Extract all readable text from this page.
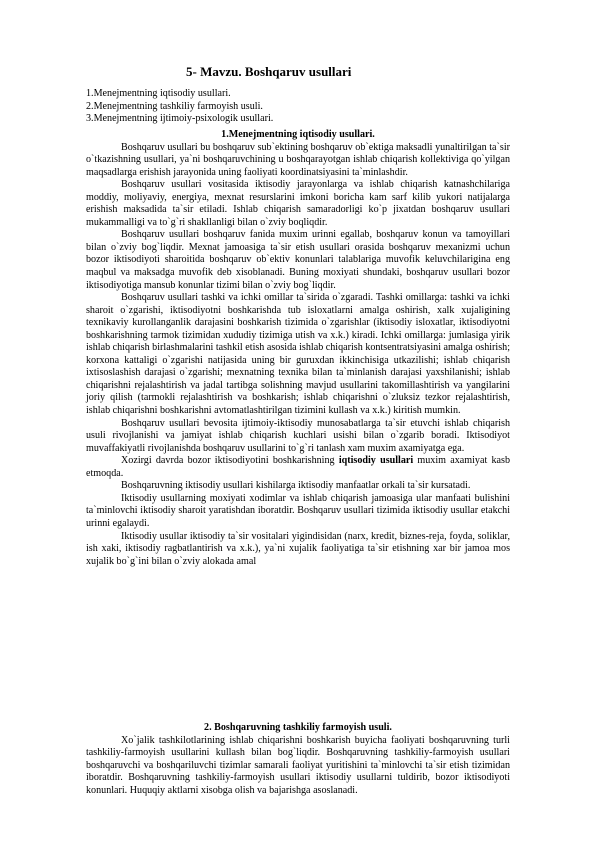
5- Mavzu. Boshqaruv usullari
1.Menejmentning iqtisodiy usullari.
2.Menejmentning tashkiliy farmoyish usuli.
3.Menejmentning ijtimoiy-psixologik usullari.
1.Menejmentning iqtisodiy usullari.

Boshqaruv usullari bu boshqaruv sub`ektining boshqaruv ob`ektiga maksadli yunaltirilgan ta`sir o`tkazishning usullari, ya`ni boshqaruvchining u boshqarayotgan ishlab chiqarish kollektiviga qo`yilgan maqsadlarga erishish jarayonida uning faoliyati koordinatsiyasini ta`minlashdir.

Boshqaruv usullari vositasida iktisodiy jarayonlarga va ishlab chiqarish katnashchilariga moddiy, moliyaviy, energiya, mexnat resurslarini imkoni boricha kam sarf kilib yukori natijalarga erishish maksadida ta`sir etiladi. Ishlab chiqarish samaradorligi ko`p jixatdan boshqaruv usullari mukammalligi va to`g`ri shakllanligi bilan o`zviy boqliqdir.

Boshqaruv usullari boshqaruv fanida muxim urinni egallab, boshqaruv konun va tamoyillari bilan o`zviy bog`liqdir. Mexnat jamoasiga ta`sir etish usullari orasida boshqaruv mexanizmi uchun bozor iktisodiyoti sharoitida boshqaruv ob`ektiv konunlari talablariga muvofik keluvchilarigina eng maqbul va maksadga muvofik deb xisoblanadi. Buning moxiyati shundaki, boshqaruv usullari bozor iktisodiyotiga mansub konunlar tizimi bilan o`zviy bog`liqdir.

Boshqaruv usullari tashki va ichki omillar ta`sirida o`zgaradi. Tashki omillarga: tashki va ichki sharoit o`zgarishi, iktisodiyotni boshkarishda tub isloxatlarni amalga oshirish, xalk xujaligining texnikaviy kurollanganlik darajasini boshkarish tizimida o`zgarishlar (iktisodiy isloxatlar, iktisodiyotni boshkarishning tarmok tizimidan xududiy tizimiga utish va x.k.) kiradi. Ichki omillarga: jumlasiga yirik ishlab chiqarish birlashmalarini tashkil etish asosida ishlab chiqarish kontsentratsiyasini amalga oshirish; korxona kattaligi o`zgarishi natijasida uning bir guruxdan ikkinchisiga utkazilishi; ishlab chiqarish ixtisoslashish darajasi o`zgarishi; mexnatning texnika bilan ta`minlanish darajasi yaxshilanishi; ishlab chiqarishni rejalashtirish va jadal tartibga solishning mavjud usullarini takomillashtirish va yangilarini joriy qilish (tarmokli rejalashtirish va boshkarish; ishlab chiqarishni o`zluksiz tezkor rejalashtirish, ishlab chiqarishni boshkarishni avtomatlashtirilgan tizimini kullash va x.k.) kiritish mumkin.

Boshqaruv usullari bevosita ijtimoiy-iktisodiy munosabatlarga ta`sir etuvchi ishlab chiqarish usuli rivojlanishi va jamiyat ishlab chiqarish kuchlari usishi bilan o`zgarib boradi. Iktisodiyot muvaffakiyatli rivojlanishda boshqaruv usullarini to`g`ri tanlash xam muxim axamiyatga ega.

Xozirgi davrda bozor iktisodiyotini boshkarishning iqtisodiy usullari muxim axamiyat kasb etmoqda.

Boshqaruvning iktisodiy usullari kishilarga iktisodiy manfaatlar orkali ta`sir kursatadi.

Iktisodiy usullarning moxiyati xodimlar va ishlab chiqarish jamoasiga ular manfaati bulishini ta`minlovchi iktisodiy sharoit yaratishdan iboratdir. Boshqaruv usullari tizimida iktisodiy usullar etakchi urinni egalaydi.

Iktisodiy usullar iktisodiy ta`sir vositalari yigindisidan (narx, kredit, biznes-reja, foyda, soliklar, ish xaki, iktisodiy ragbatlantirish va x.k.), ya`ni xujalik faoliyatiga ta`sir etishning xar bir jamoa mos xujalik bo`g`ini bilan o`zviy alokada amal

2. Boshqaruvning tashkiliy farmoyish usuli.

Xo`jalik tashkilotlarining ishlab chiqarishni boshkarish buyicha faoliyati boshqaruvning turli tashkiliy-farmoyish usullarini kullash bilan bog`liqdir. Boshqaruvning tashkiliy-farmoyish usullari boshqaruvchi va boshqariluvchi tizimlar samarali faoliyat yuritishini ta`minlovchi ta`sir etish tizimidan iboratdir. Boshqaruvning tashkiliy-farmoyish usullari iktisodiy usullarni tuldirib, bozor iktisodiyoti konunlari. Huquqiy aktlarni xisobga olish va bajarishga asoslanadi.
